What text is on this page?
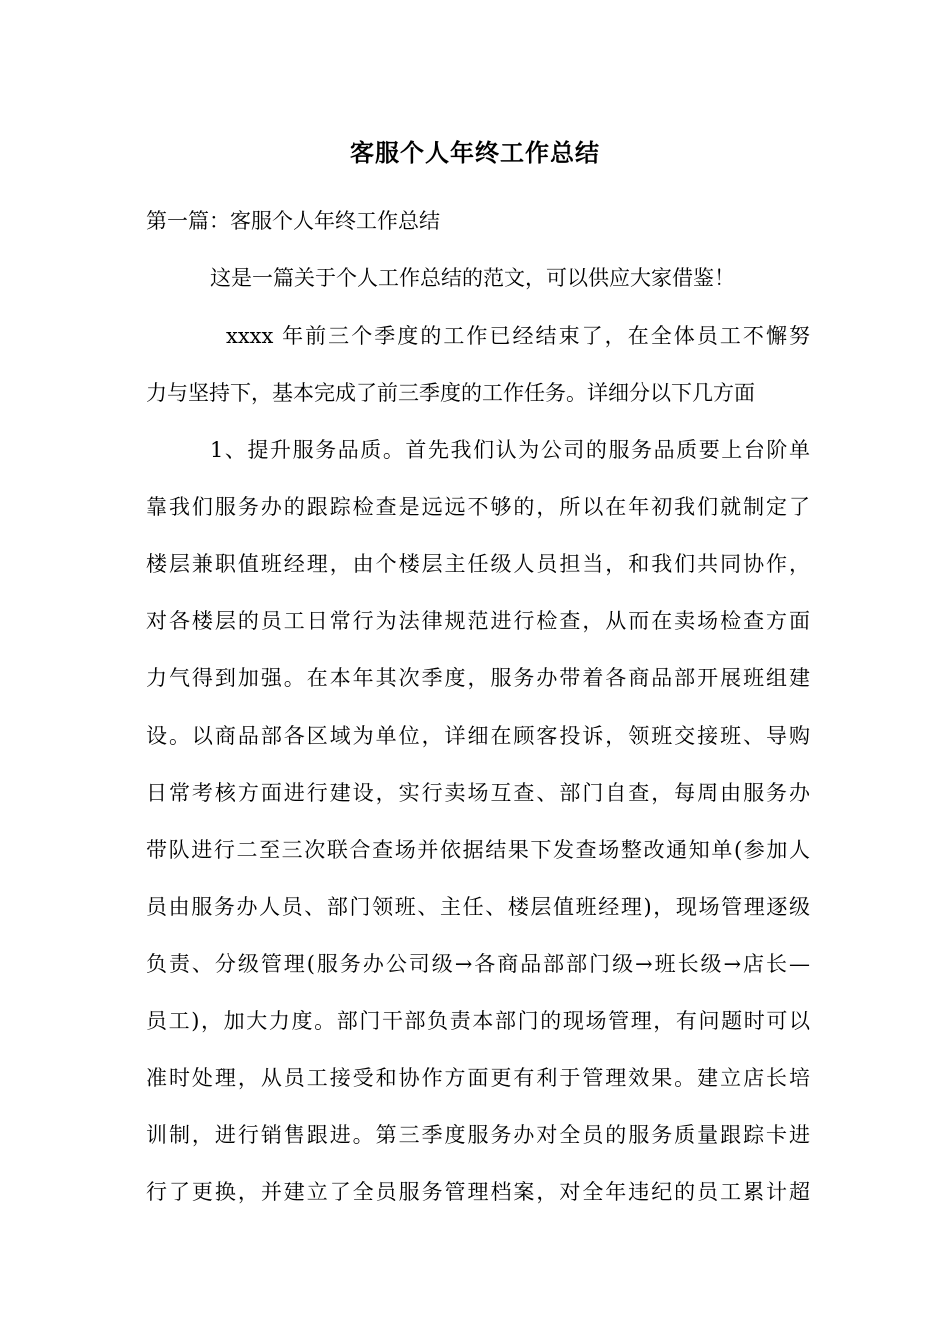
客服个人年终工作总结
第一篇：客服个人年终工作总结
这是一篇关于个人工作总结的范文，可以供应大家借鉴！
xxxx 年前三个季度的工作已经结束了，在全体员工不懈努
力与坚持下，基本完成了前三季度的工作任务。详细分以下几方面
1、提升服务品质。首先我们认为公司的服务品质要上台阶单
靠我们服务办的跟踪检查是远远不够的，所以在年初我们就制定了
楼层兼职值班经理，由个楼层主任级人员担当，和我们共同协作，
对各楼层的员工日常行为法律规范进行检查，从而在卖场检查方面
力气得到加强。在本年其次季度，服务办带着各商品部开展班组建
设。以商品部各区域为单位，详细在顾客投诉，领班交接班、导购
日常考核方面进行建设，实行卖场互查、部门自查，每周由服务办
带队进行二至三次联合查场并依据结果下发查场整改通知单(参加人
员由服务办人员、部门领班、主任、楼层值班经理)，现场管理逐级
负责、分级管理(服务办公司级→各商品部部门级→班长级→店长—
员工)，加大力度。部门干部负责本部门的现场管理，有问题时可以
准时处理，从员工接受和协作方面更有利于管理效果。建立店长培
训制，进行销售跟进。第三季度服务办对全员的服务质量跟踪卡进
行了更换，并建立了全员服务管理档案，对全年违纪的员工累计超
